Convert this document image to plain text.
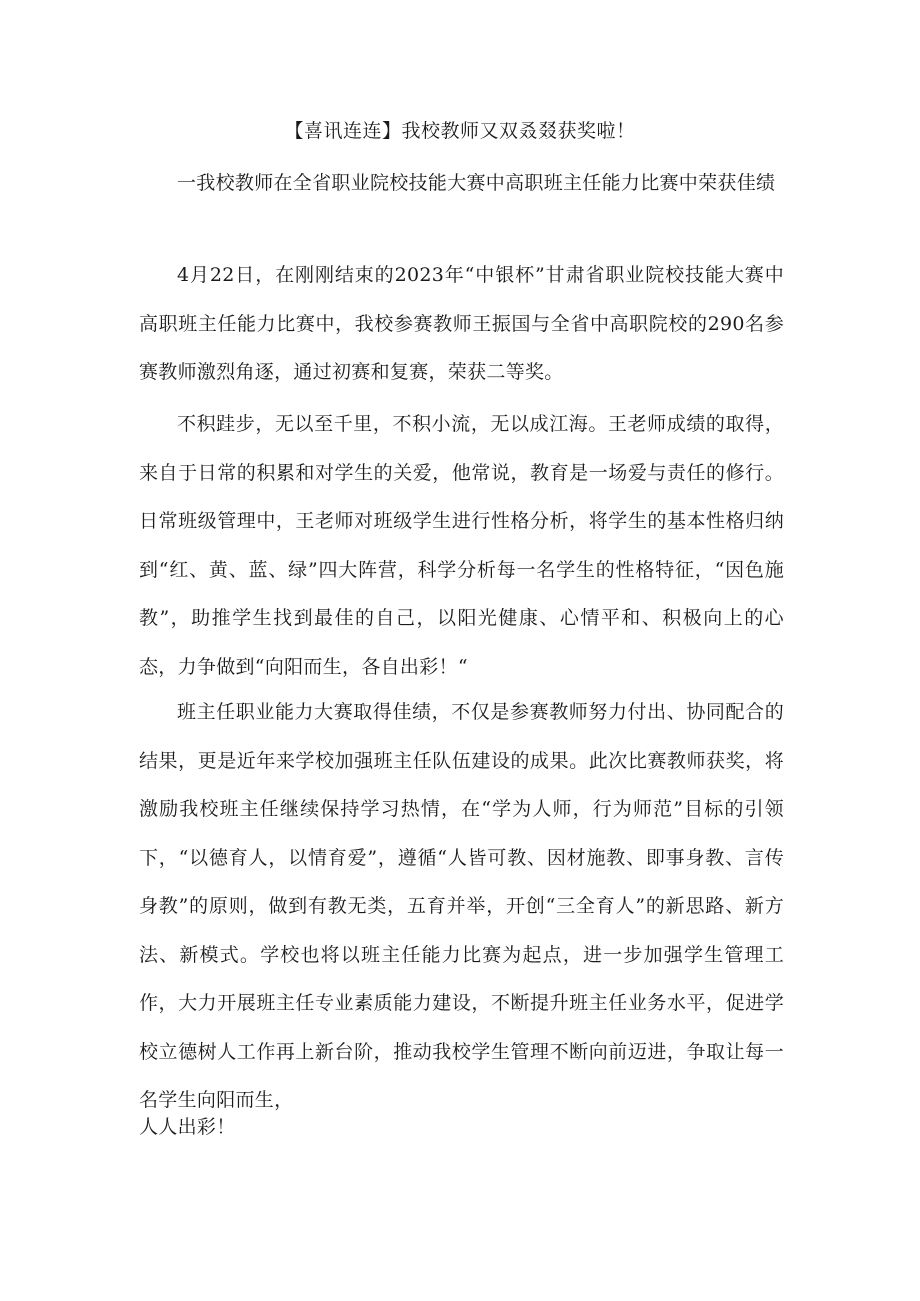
【喜讯连连】我校教师又双叒叕获奖啦！

一我校教师在全省职业院校技能大赛中高职班主任能力比赛中荣获佳绩

4月22日，在刚刚结束的2023年“中银杯”甘肃省职业院校技能大赛中高职班主任能力比赛中，我校参赛教师王振国与全省中高职院校的290名参赛教师激烈角逐，通过初赛和复赛，荣获二等奖。

不积跬步，无以至千里，不积小流，无以成江海。王老师成绩的取得，来自于日常的积累和对学生的关爱，他常说，教育是一场爱与责任的修行。日常班级管理中，王老师对班级学生进行性格分析，将学生的基本性格归纳到“红、黄、蓝、绿”四大阵营，科学分析每一名学生的性格特征，“因色施教”，助推学生找到最佳的自己，以阳光健康、心情平和、积极向上的心态，力争做到“向阳而生，各自出彩！“

班主任职业能力大赛取得佳绩，不仅是参赛教师努力付出、协同配合的结果，更是近年来学校加强班主任队伍建设的成果。此次比赛教师获奖，将激励我校班主任继续保持学习热情，在“学为人师，行为师范”目标的引领下，“以德育人，以情育爱”，遵循“人皆可教、因材施教、即事身教、言传身教”的原则，做到有教无类，五育并举，开创“三全育人”的新思路、新方法、新模式。学校也将以班主任能力比赛为起点，进一步加强学生管理工作，大力开展班主任专业素质能力建设，不断提升班主任业务水平，促进学校立德树人工作再上新台阶，推动我校学生管理不断向前迈进，争取让每一名学生向阳而生，

人人出彩！
